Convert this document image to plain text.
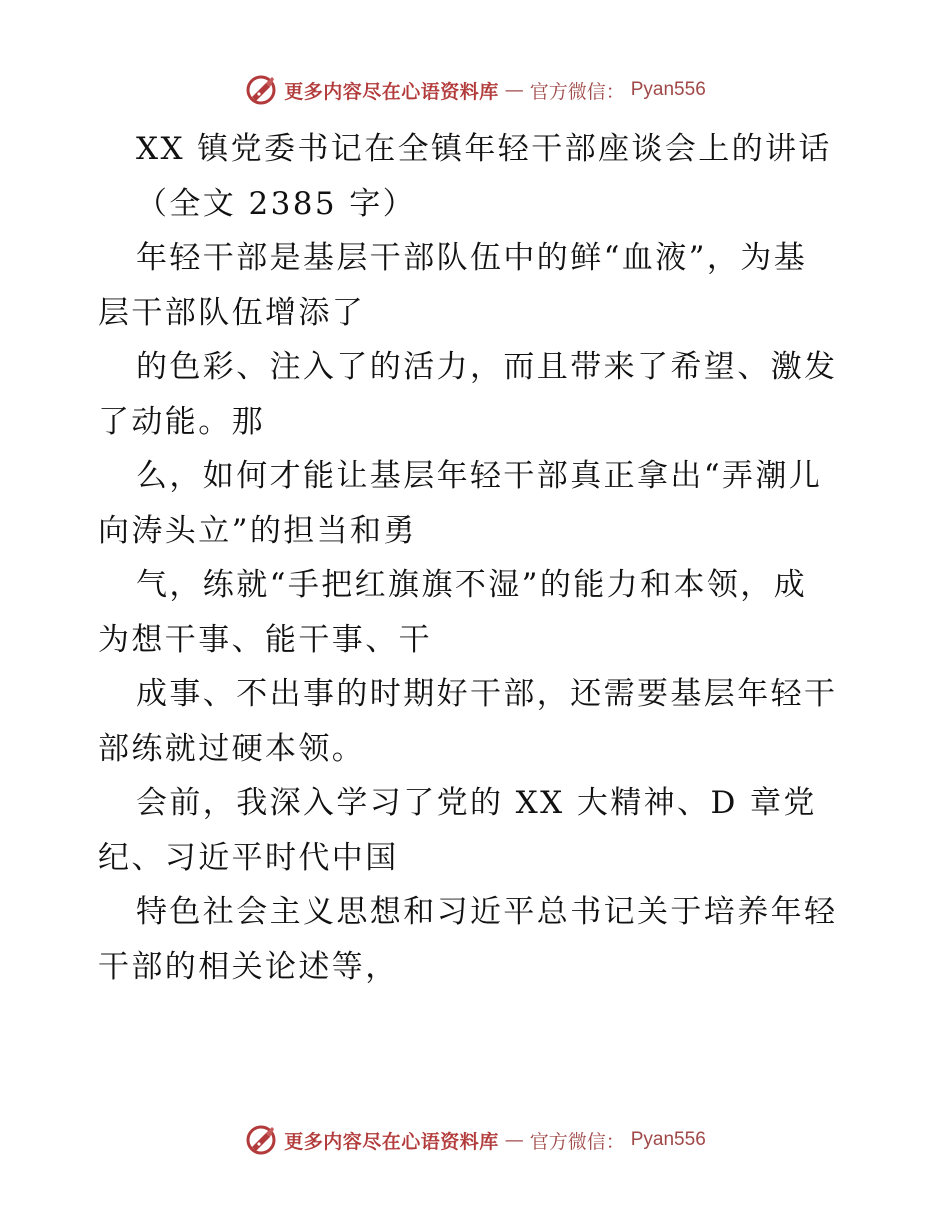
更多内容尽在心语资料库 — 官方微信： Pyan556
XX 镇党委书记在全镇年轻干部座谈会上的讲话
（全文 2385 字）
年轻干部是基层干部队伍中的鲜“血液”，为基
层干部队伍增添了
的色彩、注入了的活力，而且带来了希望、激发
了动能。那
么，如何才能让基层年轻干部真正拿出“弄潮儿
向涛头立”的担当和勇
气，练就“手把红旗旗不湿”的能力和本领，成
为想干事、能干事、干
成事、不出事的时期好干部，还需要基层年轻干
部练就过硬本领。
会前，我深入学习了党的 XX 大精神、D 章党
纪、习近平时代中国
特色社会主义思想和习近平总书记关于培养年轻
干部的相关论述等，
更多内容尽在心语资料库 — 官方微信： Pyan556
